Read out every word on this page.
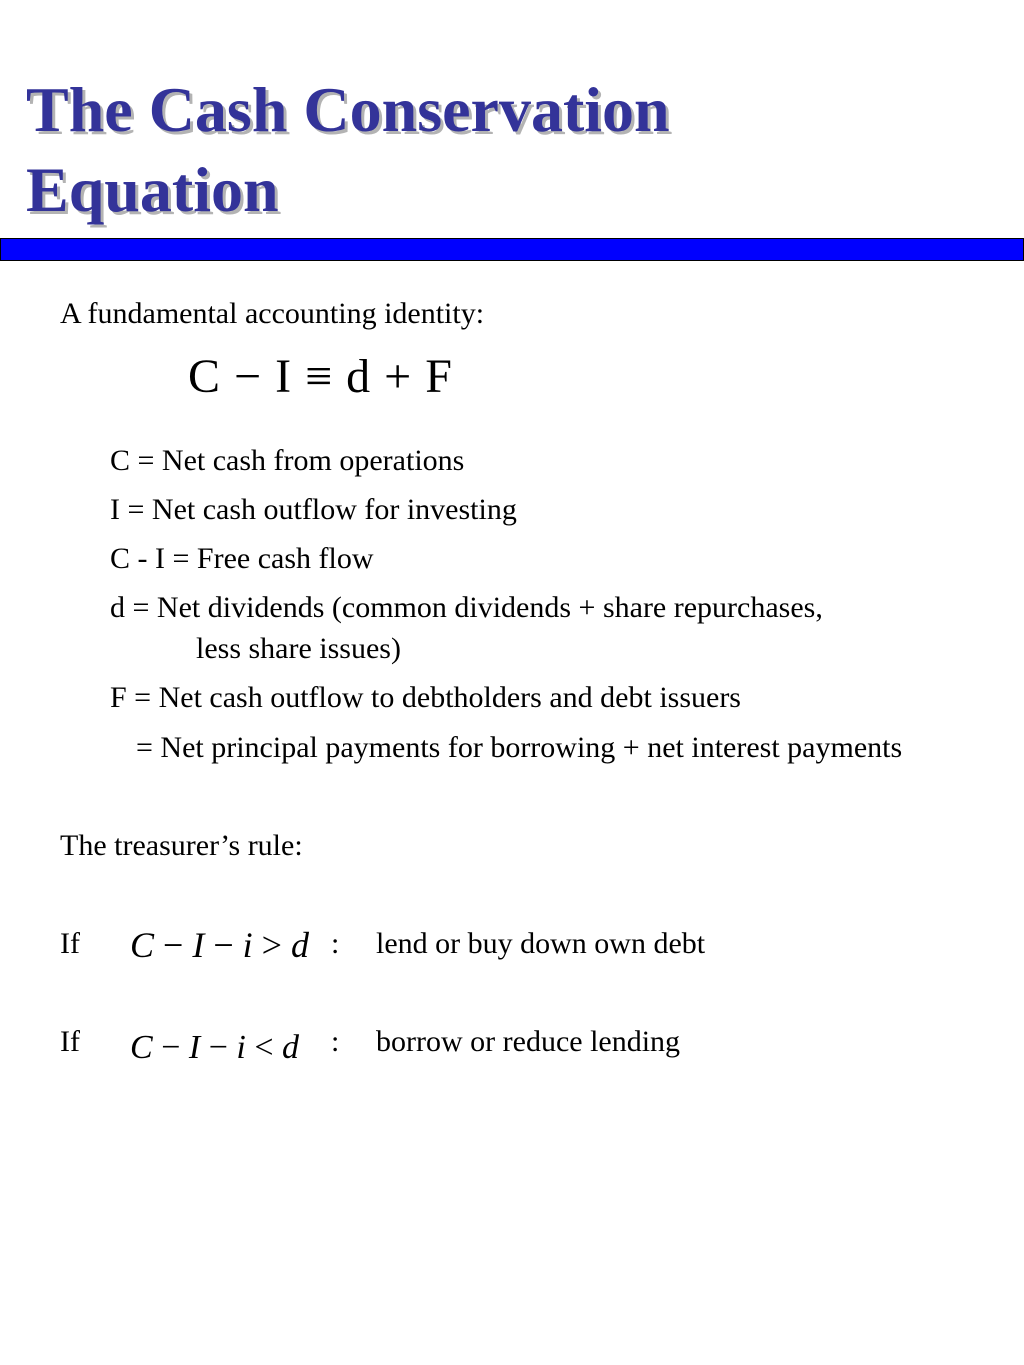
The Cash Conservation
Equation

A fundamental accounting identity:

C − I ≡ d + F

C = Net cash from operations

I = Net cash outflow for investing

C - I = Free cash flow

d = Net dividends (common dividends + share repurchases,

less share issues)

F = Net cash outflow to debtholders and debt issuers

= Net principal payments for borrowing + net interest payments

The treasurer’s rule:

If C − I − i > d : lend or buy down own debt

If C − I − i < d : borrow or reduce lending
